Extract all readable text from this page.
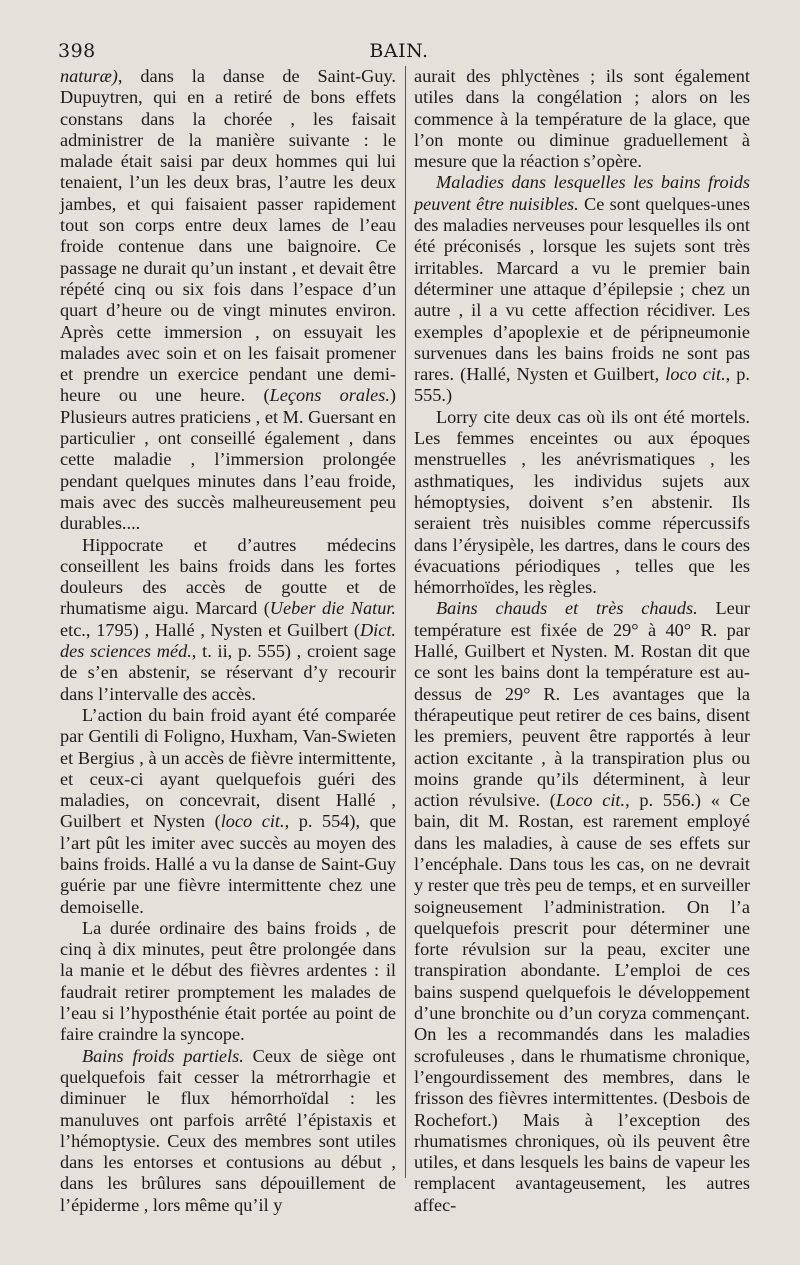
398	BAIN.

naturæ), dans la danse de Saint-Guy. Dupuytren, qui en a retiré de bons effets constans dans la chorée , les faisait administrer de la manière suivante : le malade était saisi par deux hommes qui lui tenaient, l’un les deux bras, l’autre les deux jambes, et qui faisaient passer rapidement tout son corps entre deux lames de l’eau froide contenue dans une baignoire. Ce passage ne durait qu’un instant , et devait être répété cinq ou six fois dans l’espace d’un quart d’heure ou de vingt minutes environ. Après cette immersion , on essuyait les malades avec soin et on les faisait promener et prendre un exercice pendant une demi-heure ou une heure. (Leçons orales.) Plusieurs autres praticiens , et M. Guersant en particulier , ont conseillé également , dans cette maladie , l’immersion prolongée pendant quelques minutes dans l’eau froide, mais avec des succès malheureusement peu durables....

Hippocrate et d’autres médecins conseillent les bains froids dans les fortes douleurs des accès de goutte et de rhumatisme aigu. Marcard (Ueber die Natur. etc., 1795) , Hallé , Nysten et Guilbert (Dict. des sciences méd., t. ii, p. 555) , croient sage de s’en abstenir, se réservant d’y recourir dans l’intervalle des accès.

L’action du bain froid ayant été comparée par Gentili di Foligno, Huxham, Van-Swieten et Bergius , à un accès de fièvre intermittente, et ceux-ci ayant quelquefois guéri des maladies, on concevrait, disent Hallé , Guilbert et Nysten (loco cit., p. 554), que l’art pût les imiter avec succès au moyen des bains froids. Hallé a vu la danse de Saint-Guy guérie par une fièvre intermittente chez une demoiselle.

La durée ordinaire des bains froids , de cinq à dix minutes, peut être prolongée dans la manie et le début des fièvres ardentes : il faudrait retirer promptement les malades de l’eau si l’hyposthénie était portée au point de faire craindre la syncope.

Bains froids partiels. Ceux de siège ont quelquefois fait cesser la métrorrhagie et diminuer le flux hémorrhoïdal : les manuluves ont parfois arrêté l’épistaxis et l’hémoptysie. Ceux des membres sont utiles dans les entorses et contusions au début , dans les brûlures sans dépouillement de l’épiderme , lors même qu’il y

aurait des phlyctènes ; ils sont également utiles dans la congélation ; alors on les commence à la température de la glace, que l’on monte ou diminue graduellement à mesure que la réaction s’opère.

Maladies dans lesquelles les bains froids peuvent être nuisibles. Ce sont quelques-unes des maladies nerveuses pour lesquelles ils ont été préconisés , lorsque les sujets sont très irritables. Marcard a vu le premier bain déterminer une attaque d’épilepsie ; chez un autre , il a vu cette affection récidiver. Les exemples d’apoplexie et de péripneumonie survenues dans les bains froids ne sont pas rares. (Hallé, Nysten et Guilbert, loco cit., p. 555.)

Lorry cite deux cas où ils ont été mortels. Les femmes enceintes ou aux époques menstruelles , les anévrismatiques , les asthmatiques, les individus sujets aux hémoptysies, doivent s’en abstenir. Ils seraient très nuisibles comme répercussifs dans l’érysipèle, les dartres, dans le cours des évacuations périodiques , telles que les hémorrhoïdes, les règles.

Bains chauds et très chauds. Leur température est fixée de 29° à 40° R. par Hallé, Guilbert et Nysten. M. Rostan dit que ce sont les bains dont la température est au-dessus de 29° R. Les avantages que la thérapeutique peut retirer de ces bains, disent les premiers, peuvent être rapportés à leur action excitante , à la transpiration plus ou moins grande qu’ils déterminent, à leur action révulsive. (Loco cit., p. 556.) « Ce bain, dit M. Rostan, est rarement employé dans les maladies, à cause de ses effets sur l’encéphale. Dans tous les cas, on ne devrait y rester que très peu de temps, et en surveiller soigneusement l’administration. On l’a quelquefois prescrit pour déterminer une forte révulsion sur la peau, exciter une transpiration abondante. L’emploi de ces bains suspend quelquefois le développement d’une bronchite ou d’un coryza commençant. On les a recommandés dans les maladies scrofuleuses , dans le rhumatisme chronique, l’engourdissement des membres, dans le frisson des fièvres intermittentes. (Desbois de Rochefort.) Mais à l’exception des rhumatismes chroniques, où ils peuvent être utiles, et dans lesquels les bains de vapeur les remplacent avantageusement, les autres affec-
